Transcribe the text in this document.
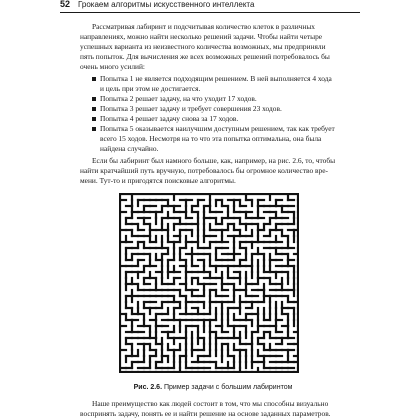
52 Грокаем алгоритмы искусственного интеллекта

Рассматривая лабиринт и подсчитывая количество клеток в различных
направлениях, можно найти несколько решений задачи. Чтобы найти четыре
успешных варианта из неизвестного количества возможных, мы предприняли
пять попыток. Для вычисления же всех возможных решений потребовалось бы
очень много усилий:

Попытка 1 не является подходящим решением. В ней выполняется 4 хода
и цель при этом не достигается.
Попытка 2 решает задачу, на что уходит 17 ходов.
Попытка 3 решает задачу и требует совершения 23 ходов.
Попытка 4 решает задачу снова за 17 ходов.
Попытка 5 оказывается наилучшим доступным решением, так как требует
всего 15 ходов. Несмотря на то что эта попытка оптимальна, она была
найдена случайно.

Если бы лабиринт был намного больше, как, например, на рис. 2.6, то, чтобы
найти кратчайший путь вручную, потребовалось бы огромное количество вре-
мени. Тут-то и пригодятся поисковые алгоритмы.

Рис. 2.6. Пример задачи с большим лабиринтом

Наше преимущество как людей состоит в том, что мы способны визуально
воспринять задачу, понять ее и найти решение на основе заданных параметров.
